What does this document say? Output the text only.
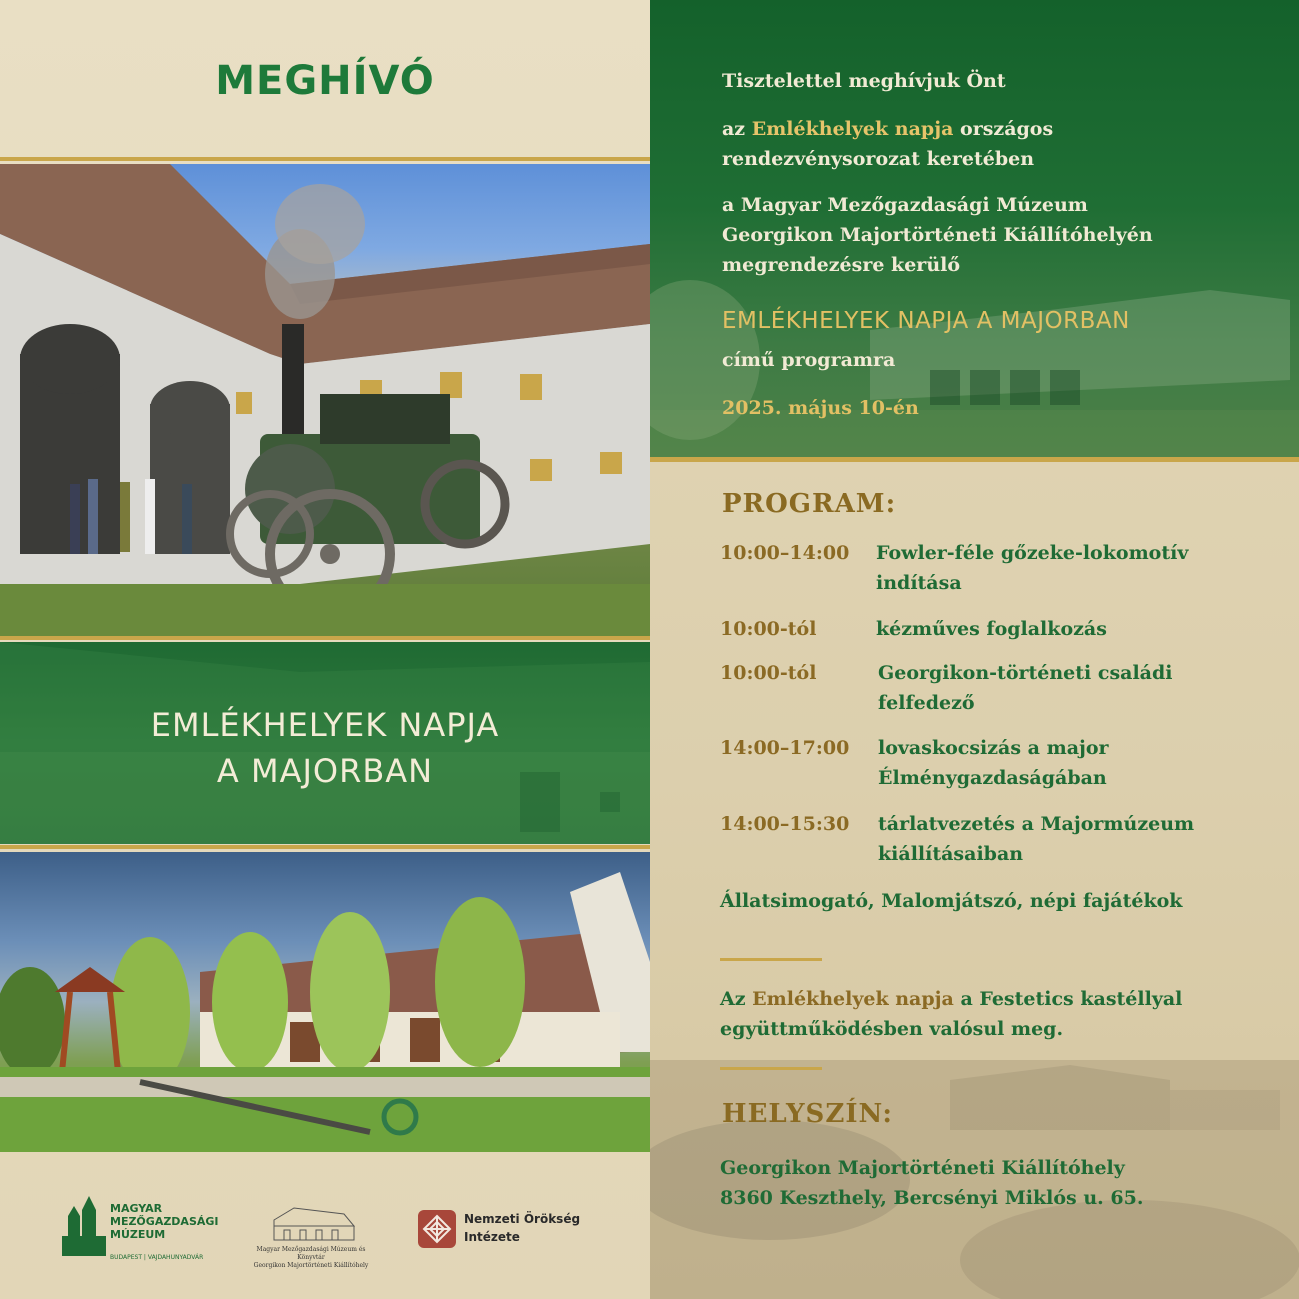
MEGHÍVÓ
EMLÉKHELYEK NAPJA
A MAJORBAN
MAGYAR
MEZŐGAZDASÁGI
MÚZEUM
BUDAPEST | VAJDAHUNYADVÁR
Magyar Mezőgazdasági Múzeum és Könyvtár
Georgikon Majortörténeti Kiállítóhely
Nemzeti Örökség
Intézete

Tisztelettel meghívjuk Önt

az Emlékhelyek napja országos

rendezvénysorozat keretében

a Magyar Mezőgazdasági Múzeum

Georgikon Majortörténeti Kiállítóhelyén

megrendezésre kerülő

EMLÉKHELYEK NAPJA A MAJORBAN

című programra

2025. május 10-én

PROGRAM:
10:00–14:00 Fowler-féle gőzeke-lokomotív
indítása
10:00-tól	kézműves foglalkozás
10:00-tól	Georgikon-történeti családi
felfedező
14:00–17:00 lovaskocsizás a major
Élménygazdaságában
14:00–15:30 tárlatvezetés a Majormúzeum
kiállításaiban

Állatsimogató, Malomjátszó, népi fajátékok

Az Emlékhelyek napja a Festetics kastéllyal
együttműködésben valósul meg.

HELYSZÍN:

Georgikon Majortörténeti Kiállítóhely
8360 Keszthely, Bercsényi Miklós u. 65.
